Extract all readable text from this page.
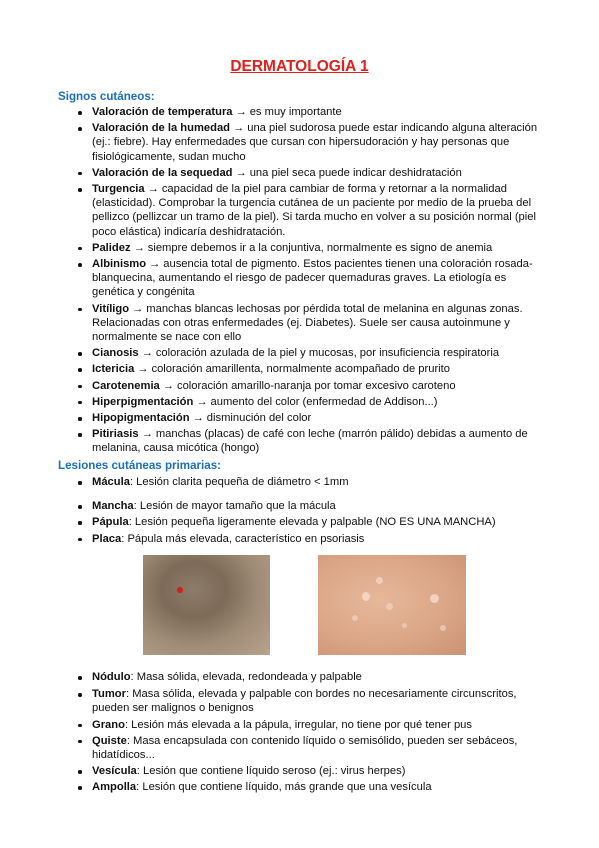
DERMATOLOGÍA 1
Signos cutáneos:
Valoración de temperatura → es muy importante
Valoración de la humedad → una piel sudorosa puede estar indicando alguna alteración (ej.: fiebre). Hay enfermedades que cursan con hipersudoración y hay personas que fisiológicamente, sudan mucho
Valoración de la sequedad → una piel seca puede indicar deshidratación
Turgencia → capacidad de la piel para cambiar de forma y retornar a la normalidad (elasticidad). Comprobar la turgencia cutánea de un paciente por medio de la prueba del pellizco (pellizcar un tramo de la piel). Si tarda mucho en volver a su posición normal (piel poco elástica) indicaría deshidratación.
Palidez → siempre debemos ir a la conjuntiva, normalmente es signo de anemia
Albinismo → ausencia total de pigmento. Estos pacientes tienen una coloración rosada-blanquecina, aumentando el riesgo de padecer quemaduras graves. La etiología es genética y congénita
Vitíligo → manchas blancas lechosas por pérdida total de melanina en algunas zonas. Relacionadas con otras enfermedades (ej. Diabetes). Suele ser causa autoinmune y normalmente se nace con ello
Cianosis → coloración azulada de la piel y mucosas, por insuficiencia respiratoria
Ictericia → coloración amarillenta, normalmente acompañado de prurito
Carotenemia → coloración amarillo-naranja por tomar excesivo caroteno
Hiperpigmentación → aumento del color (enfermedad de Addison...)
Hipopigmentación → disminución del color
Pitiriasis → manchas (placas) de café con leche (marrón pálido) debidas a aumento de melanina, causa micótica (hongo)
Lesiones cutáneas primarias:
Mácula: Lesión clarita pequeña de diámetro < 1mm
Mancha: Lesión de mayor tamaño que la mácula
Pápula: Lesión pequeña ligeramente elevada y palpable (NO ES UNA MANCHA)
Placa: Pápula más elevada, característico en psoriasis
Nódulo: Masa sólida, elevada, redondeada y palpable
Tumor: Masa sólida, elevada y palpable con bordes no necesariamente circunscritos, pueden ser malignos o benignos
Grano: Lesión más elevada a la pápula, irregular, no tiene por qué tener pus
Quiste: Masa encapsulada con contenido líquido o semisólido, pueden ser sebáceos, hidatídicos...
Vesícula: Lesión que contiene líquido seroso (ej.: virus herpes)
Ampolla: Lesión que contiene líquido, más grande que una vesícula
